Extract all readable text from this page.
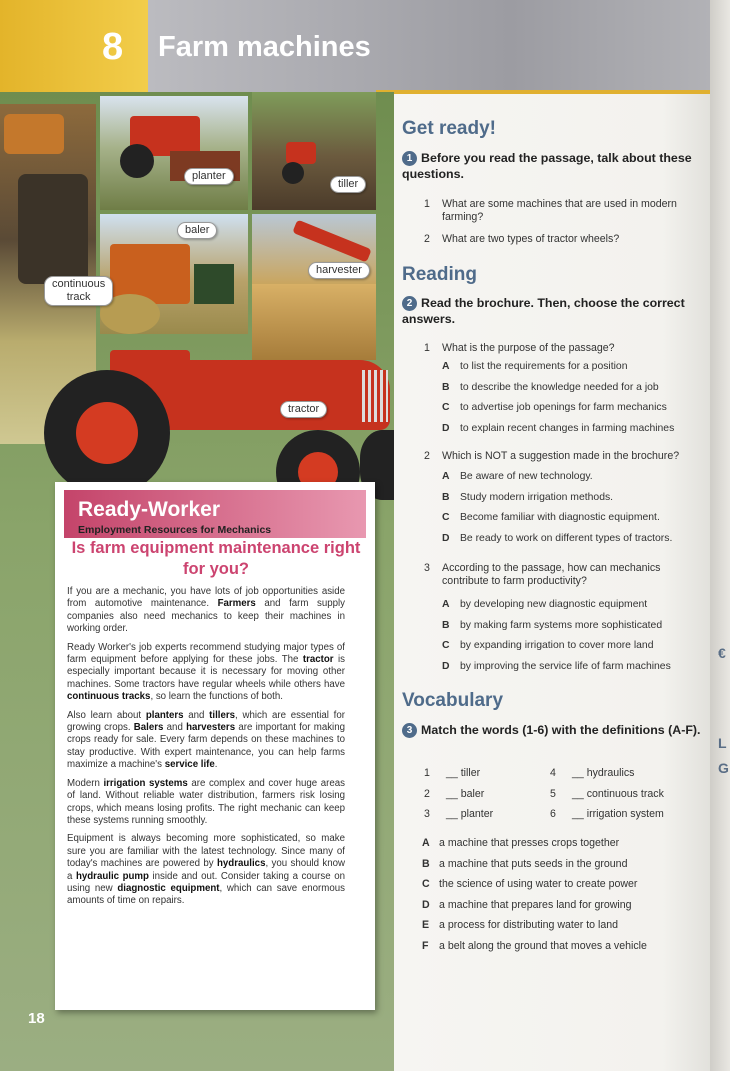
8 Farm machines
planter
tiller
baler
harvester
continuous
track
tractor
Ready-Worker
Employment Resources for Mechanics
Is farm equipment maintenance right for you?

If you are a mechanic, you have lots of job opportunities aside from automotive maintenance. Farmers and farm supply companies also need mechanics to keep their machines in working order.

Ready Worker's job experts recommend studying major types of farm equipment before applying for these jobs. The tractor is especially important because it is necessary for moving other machines. Some tractors have regular wheels while others have continuous tracks, so learn the functions of both.

Also learn about planters and tillers, which are essential for growing crops. Balers and harvesters are important for making crops ready for sale. Every farm depends on these machines to stay productive. With expert maintenance, you can help farms maximize a machine's service life.

Modern irrigation systems are complex and cover huge areas of land. Without reliable water distribution, farmers risk losing crops, which means losing profits. The right mechanic can keep these systems running smoothly.

Equipment is always becoming more sophisticated, so make sure you are familiar with the latest technology. Since many of today's machines are powered by hydraulics, you should know a hydraulic pump inside and out. Consider taking a course on using new diagnostic equipment, which can save enormous amounts of time on repairs.

18
Get ready!
1 Before you read the passage, talk about these questions.
1 What are some machines that are used in modern farming?
2 What are two types of tractor wheels?
Reading
2 Read the brochure. Then, choose the correct answers.
1 What is the purpose of the passage?
A to list the requirements for a position
B to describe the knowledge needed for a job
C to advertise job openings for farm mechanics
D to explain recent changes in farming machines
2 Which is NOT a suggestion made in the brochure?
A Be aware of new technology.
B Study modern irrigation methods.
C Become familiar with diagnostic equipment.
D Be ready to work on different types of tractors.
3 According to the passage, how can mechanics contribute to farm productivity?
A by developing new diagnostic equipment
B by making farm systems more sophisticated
C by expanding irrigation to cover more land
D by improving the service life of farm machines
Vocabulary
3 Match the words (1-6) with the definitions (A-F).
1 __ tiller
2 __ baler
3 __ planter
4 __ hydraulics
5 __ continuous track
6 __ irrigation system
A a machine that presses crops together
B a machine that puts seeds in the ground
C the science of using water to create power
D a machine that prepares land for growing
E a process for distributing water to land
F a belt along the ground that moves a vehicle
€
L
G
